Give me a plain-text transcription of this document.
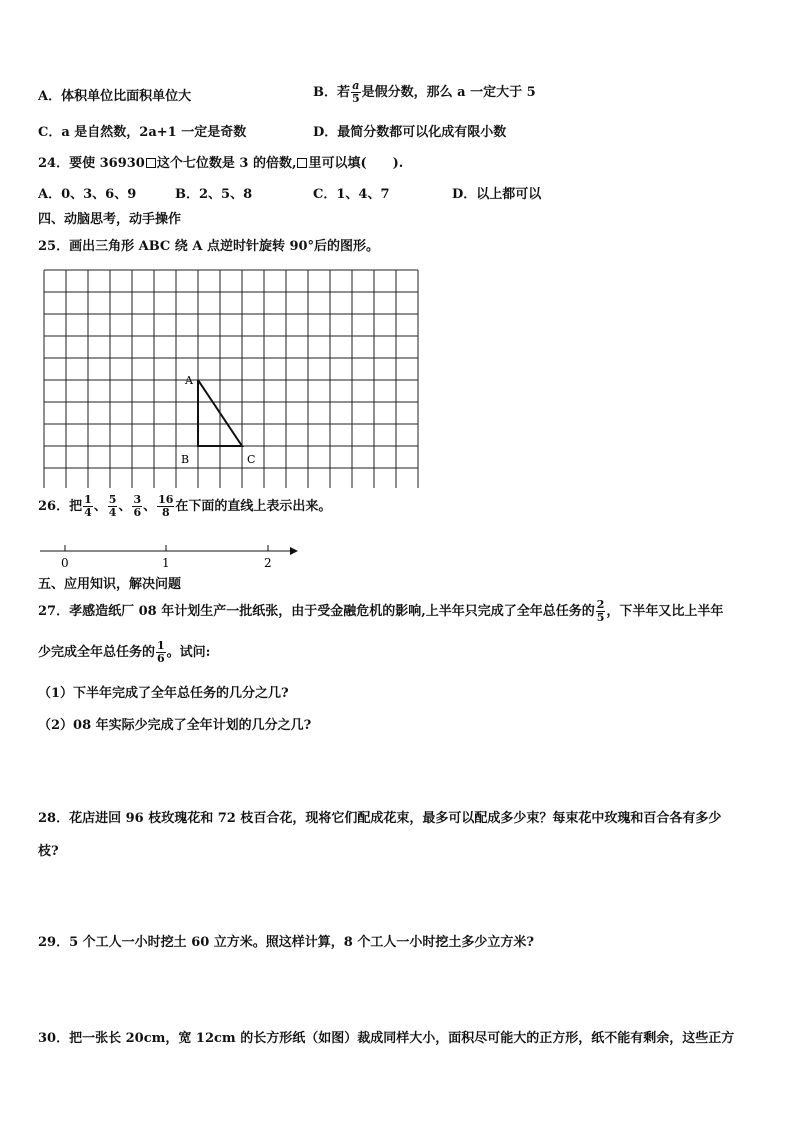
A．体积单位比面积单位大	B．若 $\frac{a}{5}$ 是假分数，那么 a 一定大于 5
C．a 是自然数，2a+1 一定是奇数	D．最简分数都可以化成有限小数
24．要使 36930 这个七位数是 3 的倍数, 里可以填(　　).
A．0、3、6、9	B．2、5、8	C．1、4、7	D．以上都可以
四、动脑思考，动手操作
25．画出三角形 ABC 绕 A 点逆时针旋转 90°后的图形。
A
B	C
26．把 $\frac{1}{4}$ 、 $\frac{5}{4}$ 、 $\frac{3}{6}$ 、 $\frac{16}{8}$ 在下面的直线上表示出来。
0	1	2
五、应用知识，解决问题
27．孝感造纸厂 08 年计划生产一批纸张，由于受金融危机的影响,上半年只完成了全年总任务的 $\frac{2}{5}$ ，下半年又比上半年
少完成全年总任务的 $\frac{1}{6}$ 。试问:
（1）下半年完成了全年总任务的几分之几?
（2）08 年实际少完成了全年计划的几分之几?
28．花店进回 96 枝玫瑰花和 72 枝百合花，现将它们配成花束，最多可以配成多少束？每束花中玫瑰和百合各有多少
枝?
29．5 个工人一小时挖土 60 立方米。照这样计算，8 个工人一小时挖土多少立方米?
30．把一张长 20cm，宽 12cm 的长方形纸（如图）裁成同样大小，面积尽可能大的正方形，纸不能有剩余，这些正方
